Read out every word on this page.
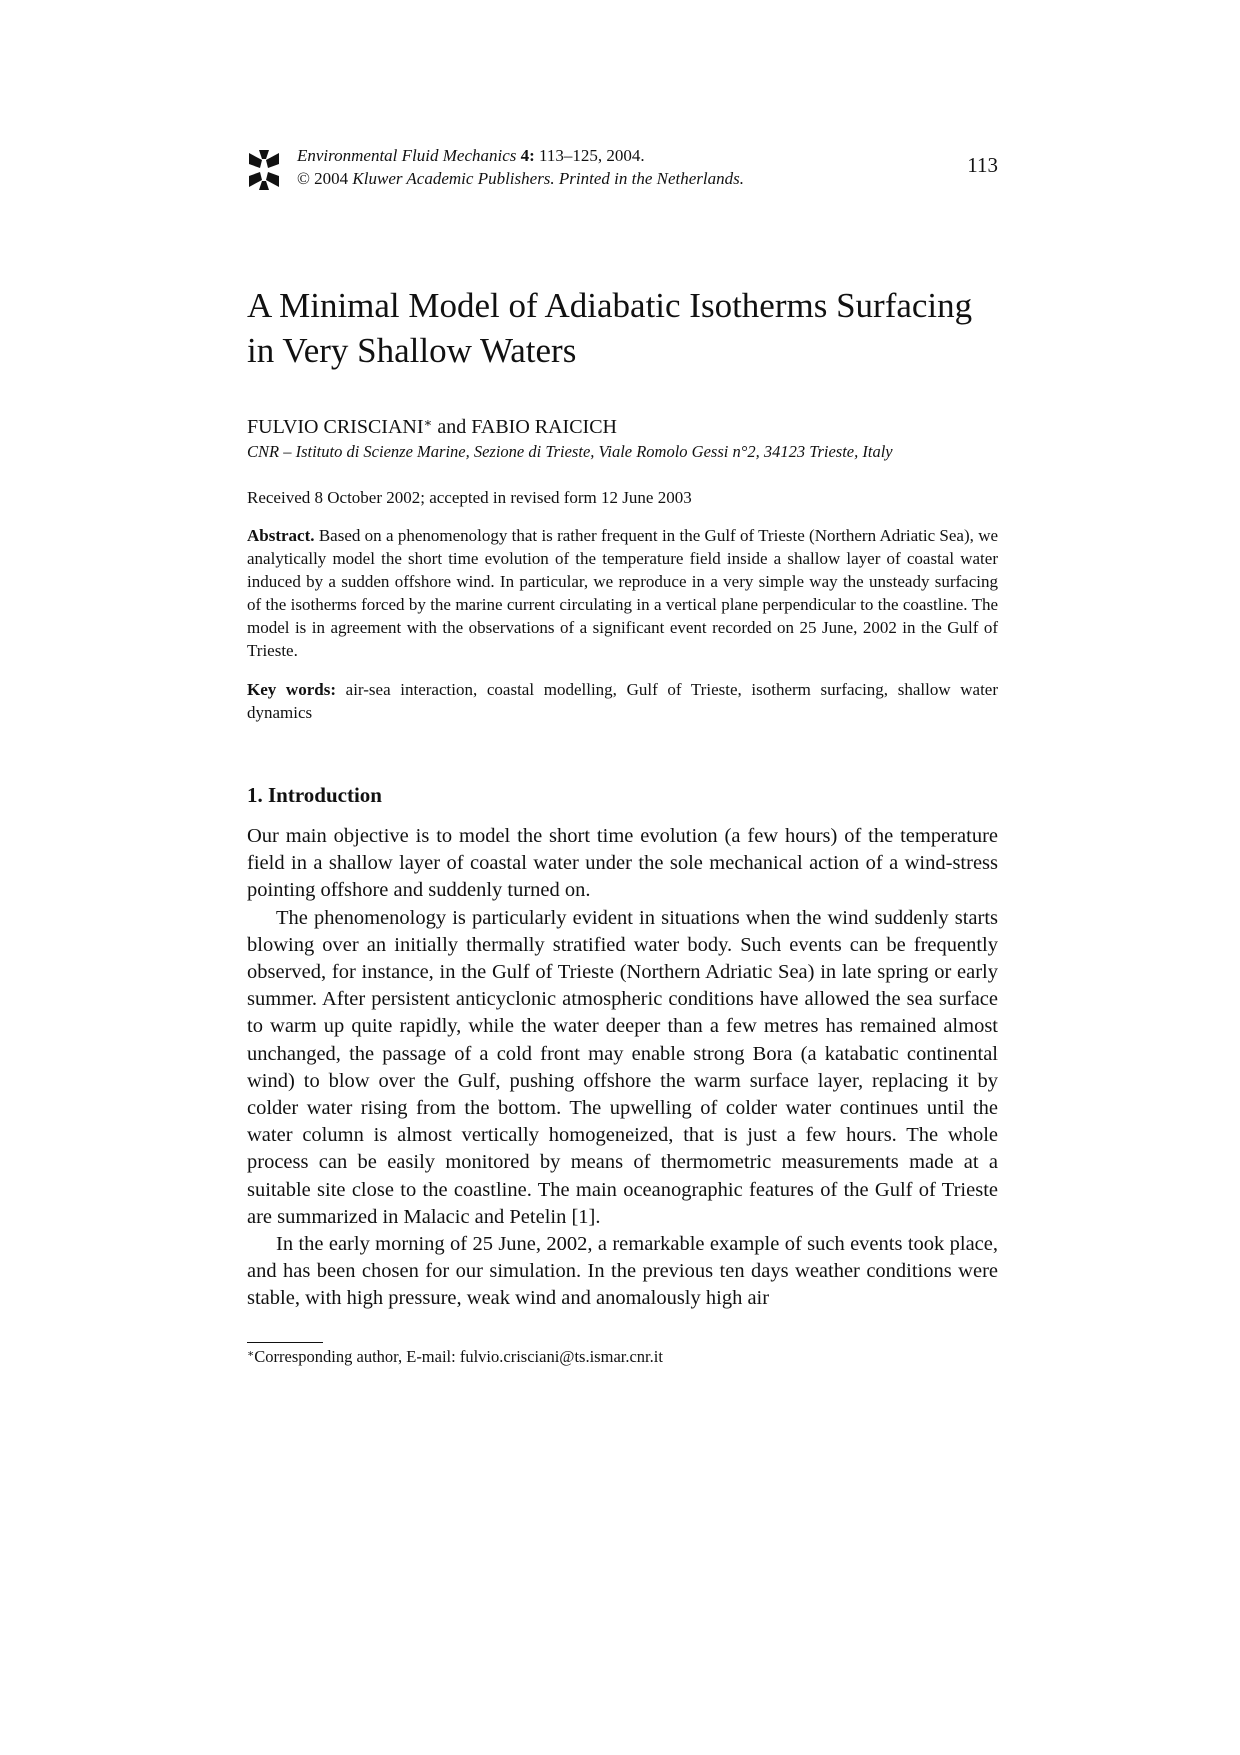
Environmental Fluid Mechanics 4: 113–125, 2004.
© 2004 Kluwer Academic Publishers. Printed in the Netherlands.
113
A Minimal Model of Adiabatic Isotherms Surfacing
in Very Shallow Waters
FULVIO CRISCIANI∗ and FABIO RAICICH
CNR – Istituto di Scienze Marine, Sezione di Trieste, Viale Romolo Gessi n°2, 34123 Trieste, Italy
Received 8 October 2002; accepted in revised form 12 June 2003

Abstract. Based on a phenomenology that is rather frequent in the Gulf of Trieste (Northern Adriatic Sea), we analytically model the short time evolution of the temperature field inside a shallow layer of coastal water induced by a sudden offshore wind. In particular, we reproduce in a very simple way the unsteady surfacing of the isotherms forced by the marine current circulating in a vertical plane perpendicular to the coastline. The model is in agreement with the observations of a significant event recorded on 25 June, 2002 in the Gulf of Trieste.

Key words: air-sea interaction, coastal modelling, Gulf of Trieste, isotherm surfacing, shallow water dynamics

1. Introduction

Our main objective is to model the short time evolution (a few hours) of the temperature field in a shallow layer of coastal water under the sole mechanical action of a wind-stress pointing offshore and suddenly turned on.

The phenomenology is particularly evident in situations when the wind suddenly starts blowing over an initially thermally stratified water body. Such events can be frequently observed, for instance, in the Gulf of Trieste (Northern Adriatic Sea) in late spring or early summer. After persistent anticyclonic atmospheric conditions have allowed the sea surface to warm up quite rapidly, while the water deeper than a few metres has remained almost unchanged, the passage of a cold front may enable strong Bora (a katabatic continental wind) to blow over the Gulf, pushing offshore the warm surface layer, replacing it by colder water rising from the bottom. The upwelling of colder water continues until the water column is almost vertically homogeneized, that is just a few hours. The whole process can be easily monitored by means of thermometric measurements made at a suitable site close to the coastline. The main oceanographic features of the Gulf of Trieste are summarized in Malacic and Petelin [1].

In the early morning of 25 June, 2002, a remarkable example of such events took place, and has been chosen for our simulation. In the previous ten days weather conditions were stable, with high pressure, weak wind and anomalously high air

∗Corresponding author, E-mail: fulvio.crisciani@ts.ismar.cnr.it
